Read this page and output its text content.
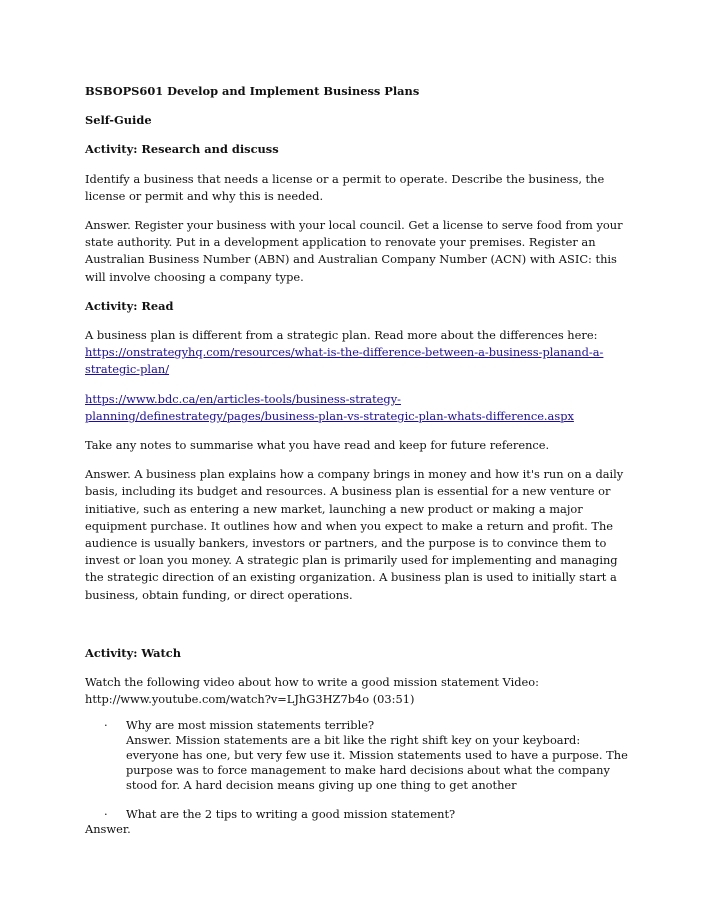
BSBOPS601 Develop and Implement Business Plans

Self-Guide

Activity: Research and discuss

Identify a business that needs a license or a permit to operate. Describe the business, the license or permit and why this is needed.

Answer. Register your business with your local council. Get a license to serve food from your state authority. Put in a development application to renovate your premises. Register an Australian Business Number (ABN) and Australian Company Number (ACN) with ASIC: this will involve choosing a company type.

Activity: Read

A business plan is different from a strategic plan. Read more about the differences here:
https://onstrategyhq.com/resources/what-is-the-difference-between-a-business-planand-a-strategic-plan/

https://www.bdc.ca/en/articles-tools/business-strategy-planning/definestrategy/pages/business-plan-vs-strategic-plan-whats-difference.aspx

Take any notes to summarise what you have read and keep for future reference.

Answer. A business plan explains how a company brings in money and how it's run on a daily basis, including its budget and resources. A business plan is essential for a new venture or initiative, such as entering a new market, launching a new product or making a major equipment purchase. It outlines how and when you expect to make a return and profit. The audience is usually bankers, investors or partners, and the purpose is to convince them to invest or loan you money. A strategic plan is primarily used for implementing and managing the strategic direction of an existing organization. A business plan is used to initially start a business, obtain funding, or direct operations.

Activity: Watch

Watch the following video about how to write a good mission statement Video:
http://www.youtube.com/watch?v=LJhG3HZ7b4o (03:51)

· Why are most mission statements terrible?
Answer. Mission statements are a bit like the right shift key on your keyboard: everyone has one, but very few use it. Mission statements used to have a purpose. The purpose was to force management to make hard decisions about what the company stood for. A hard decision means giving up one thing to get another
· What are the 2 tips to writing a good mission statement?

Answer.
